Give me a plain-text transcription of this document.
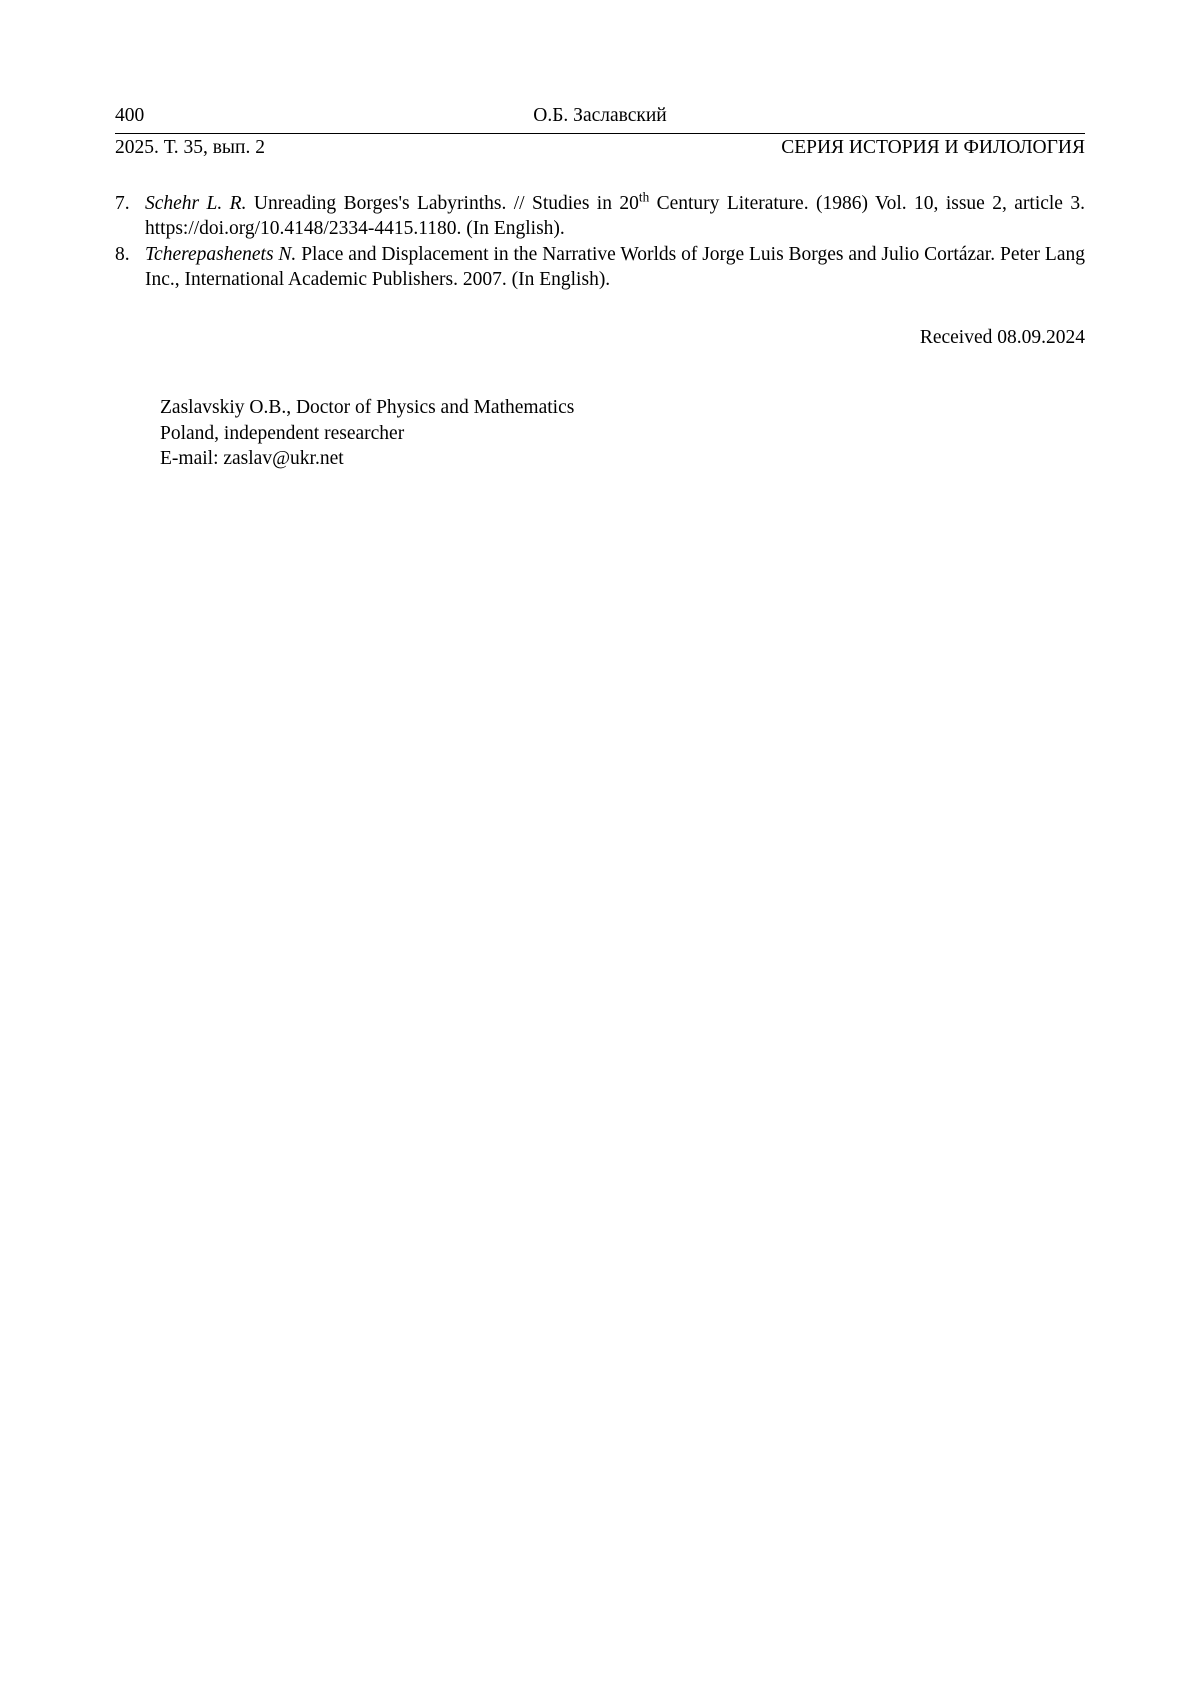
400	О.Б. Заславский
2025. Т. 35, вып. 2	СЕРИЯ ИСТОРИЯ И ФИЛОЛОГИЯ
7. Schehr L. R. Unreading Borges's Labyrinths. // Studies in 20th Century Literature. (1986) Vol. 10, issue 2, article 3. https://doi.org/10.4148/2334-4415.1180. (In English).
8. Tcherepashenets N. Place and Displacement in the Narrative Worlds of Jorge Luis Borges and Julio Cortázar. Peter Lang Inc., International Academic Publishers. 2007. (In English).
Received 08.09.2024
Zaslavskiy O.B., Doctor of Physics and Mathematics
Poland, independent researcher
E-mail: zaslav@ukr.net
